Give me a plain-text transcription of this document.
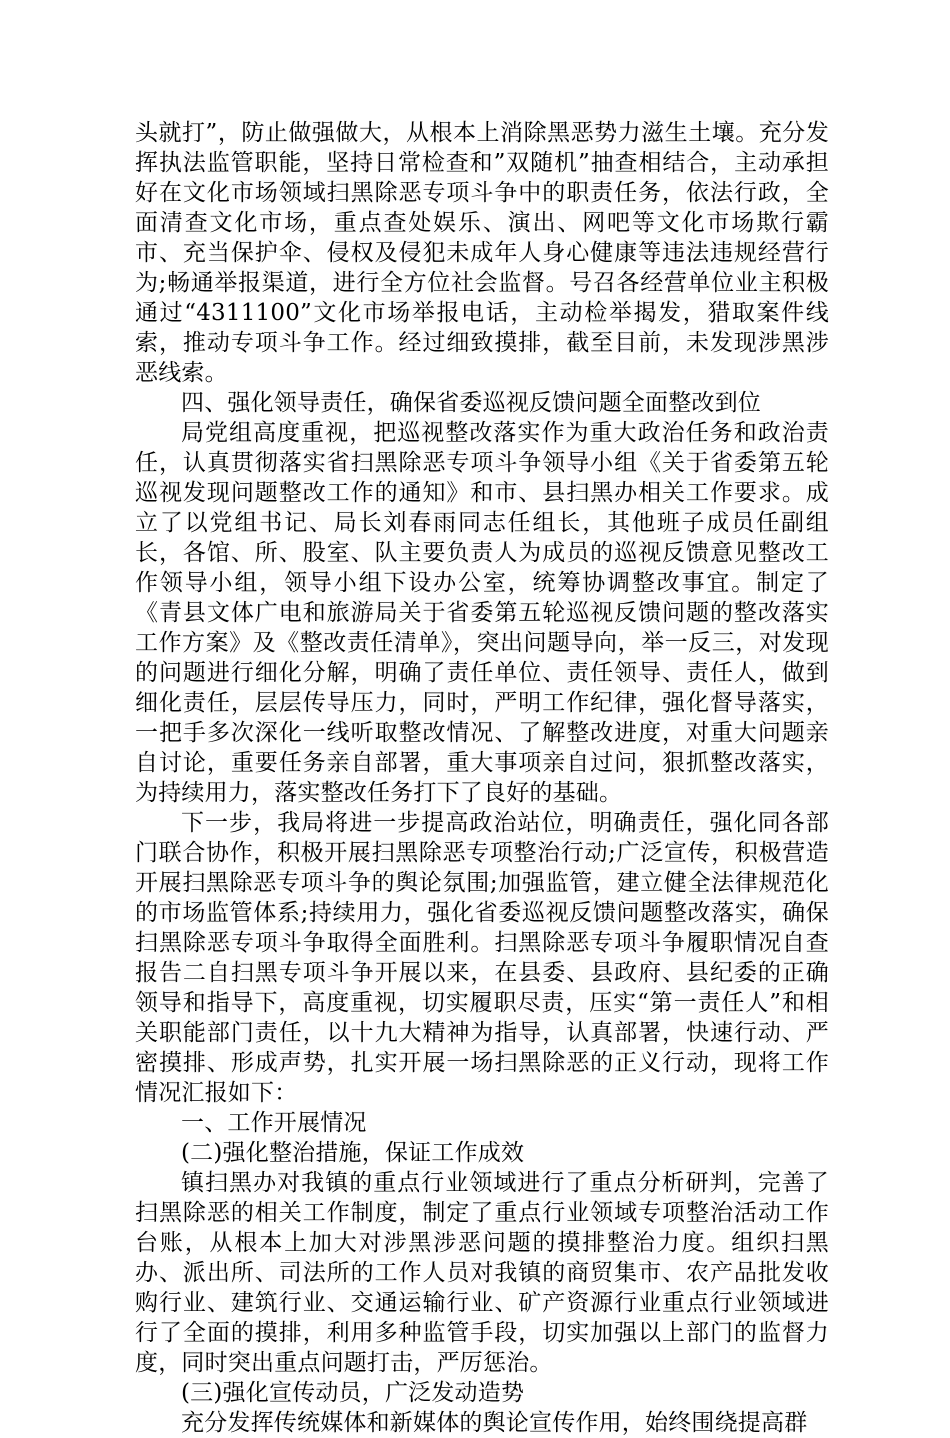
头就打”，防止做强做大，从根本上消除黑恶势力滋生土壤。充分发挥执法监管职能，坚持日常检查和”双随机”抽查相结合，主动承担好在文化市场领域扫黑除恶专项斗争中的职责任务，依法行政，全面清查文化市场，重点查处娱乐、演出、网吧等文化市场欺行霸市、充当保护伞、侵权及侵犯未成年人身心健康等违法违规经营行为;畅通举报渠道，进行全方位社会监督。号召各经营单位业主积极通过“4311100”文化市场举报电话，主动检举揭发，猎取案件线索，推动专项斗争工作。经过细致摸排，截至目前，未发现涉黑涉恶线索。

四、强化领导责任，确保省委巡视反馈问题全面整改到位

局党组高度重视，把巡视整改落实作为重大政治任务和政治责任，认真贯彻落实省扫黑除恶专项斗争领导小组《关于省委第五轮巡视发现问题整改工作的通知》和市、县扫黑办相关工作要求。成立了以党组书记、局长刘春雨同志任组长，其他班子成员任副组长，各馆、所、股室、队主要负责人为成员的巡视反馈意见整改工作领导小组，领导小组下设办公室，统筹协调整改事宜。制定了《青县文体广电和旅游局关于省委第五轮巡视反馈问题的整改落实工作方案》及《整改责任清单》，突出问题导向，举一反三，对发现的问题进行细化分解，明确了责任单位、责任领导、责任人，做到细化责任，层层传导压力，同时，严明工作纪律，强化督导落实，一把手多次深化一线听取整改情况、了解整改进度，对重大问题亲自讨论，重要任务亲自部署，重大事项亲自过问，狠抓整改落实，为持续用力，落实整改任务打下了良好的基础。

下一步，我局将进一步提高政治站位，明确责任，强化同各部门联合协作，积极开展扫黑除恶专项整治行动;广泛宣传，积极营造开展扫黑除恶专项斗争的舆论氛围;加强监管，建立健全法律规范化的市场监管体系;持续用力，强化省委巡视反馈问题整改落实，确保扫黑除恶专项斗争取得全面胜利。扫黑除恶专项斗争履职情况自查报告二自扫黑专项斗争开展以来，在县委、县政府、县纪委的正确领导和指导下，高度重视，切实履职尽责，压实“第一责任人”和相关职能部门责任，以十九大精神为指导，认真部署，快速行动、严密摸排、形成声势，扎实开展一场扫黑除恶的正义行动，现将工作情况汇报如下：

一、工作开展情况

(二)强化整治措施，保证工作成效

镇扫黑办对我镇的重点行业领域进行了重点分析研判，完善了扫黑除恶的相关工作制度，制定了重点行业领域专项整治活动工作台账，从根本上加大对涉黑涉恶问题的摸排整治力度。组织扫黑办、派出所、司法所的工作人员对我镇的商贸集市、农产品批发收购行业、建筑行业、交通运输行业、矿产资源行业重点行业领域进行了全面的摸排，利用多种监管手段，切实加强以上部门的监督力度，同时突出重点问题打击，严厉惩治。

(三)强化宣传动员，广泛发动造势

充分发挥传统媒体和新媒体的舆论宣传作用，始终围绕提高群
